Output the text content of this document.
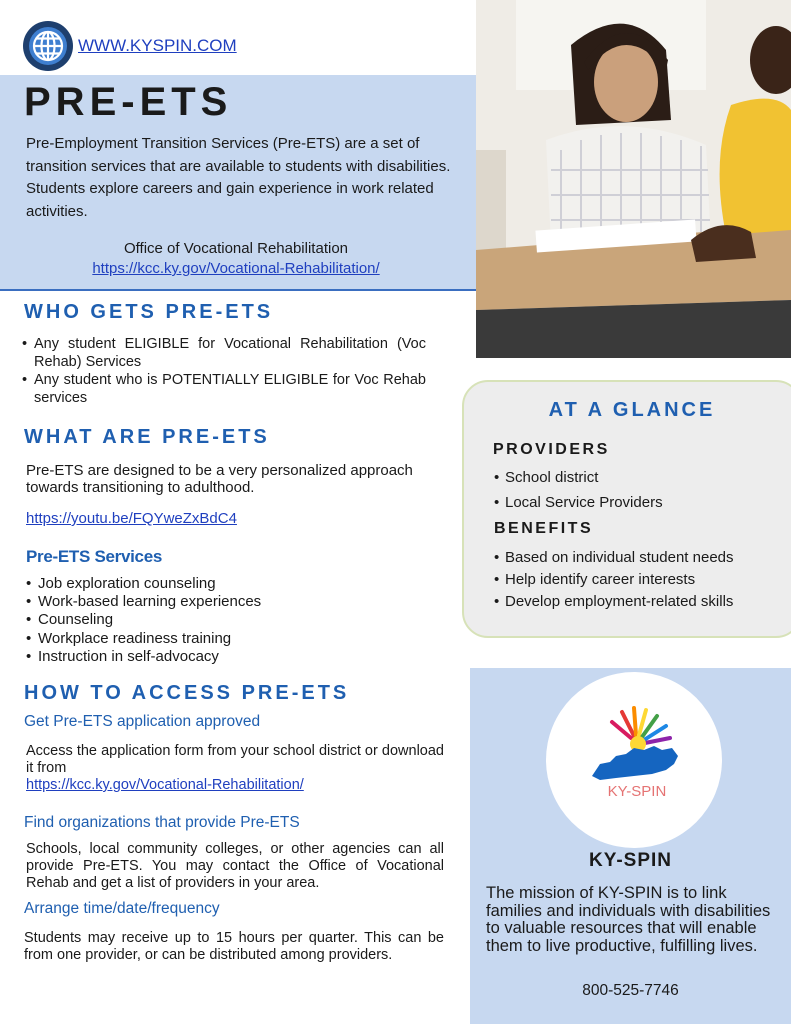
WWW.KYSPIN.COM
PRE-ETS
Pre-Employment Transition Services (Pre-ETS) are a set of transition services that are available to students with disabilities. Students explore careers and gain experience in work related activities.
Office of Vocational Rehabilitation
https://kcc.ky.gov/Vocational-Rehabilitation/
WHO GETS PRE-ETS
• Any student ELIGIBLE for Vocational Rehabilitation (Voc Rehab) Services
• Any student who is POTENTIALLY ELIGIBLE for Voc Rehab services
WHAT ARE PRE-ETS
Pre-ETS are designed to be a very personalized approach towards transitioning to adulthood.
https://youtu.be/FQYweZxBdC4
Pre-ETS Services
• Job exploration counseling
• Work-based learning experiences
• Counseling
• Workplace readiness training
• Instruction in self-advocacy
HOW TO ACCESS PRE-ETS
Get Pre-ETS application approved
Access the application form from your school district or download it from
https://kcc.ky.gov/Vocational-Rehabilitation/
Find organizations that provide Pre-ETS
Schools, local community colleges, or other agencies can all provide Pre-ETS. You may contact the Office of Vocational Rehab and get a list of providers in your area.
Arrange time/date/frequency
Students may receive up to 15 hours per quarter. This can be from one provider, or can be distributed among providers.
AT A GLANCE
PROVIDERS
• School district
• Local Service Providers
BENEFITS
• Based on individual student needs
• Help identify career interests
• Develop employment-related skills
KY-SPIN
KY-SPIN
The mission of KY-SPIN is to link families and individuals with disabilities to valuable resources that will enable them to live productive, fulfilling lives.
800-525-7746
